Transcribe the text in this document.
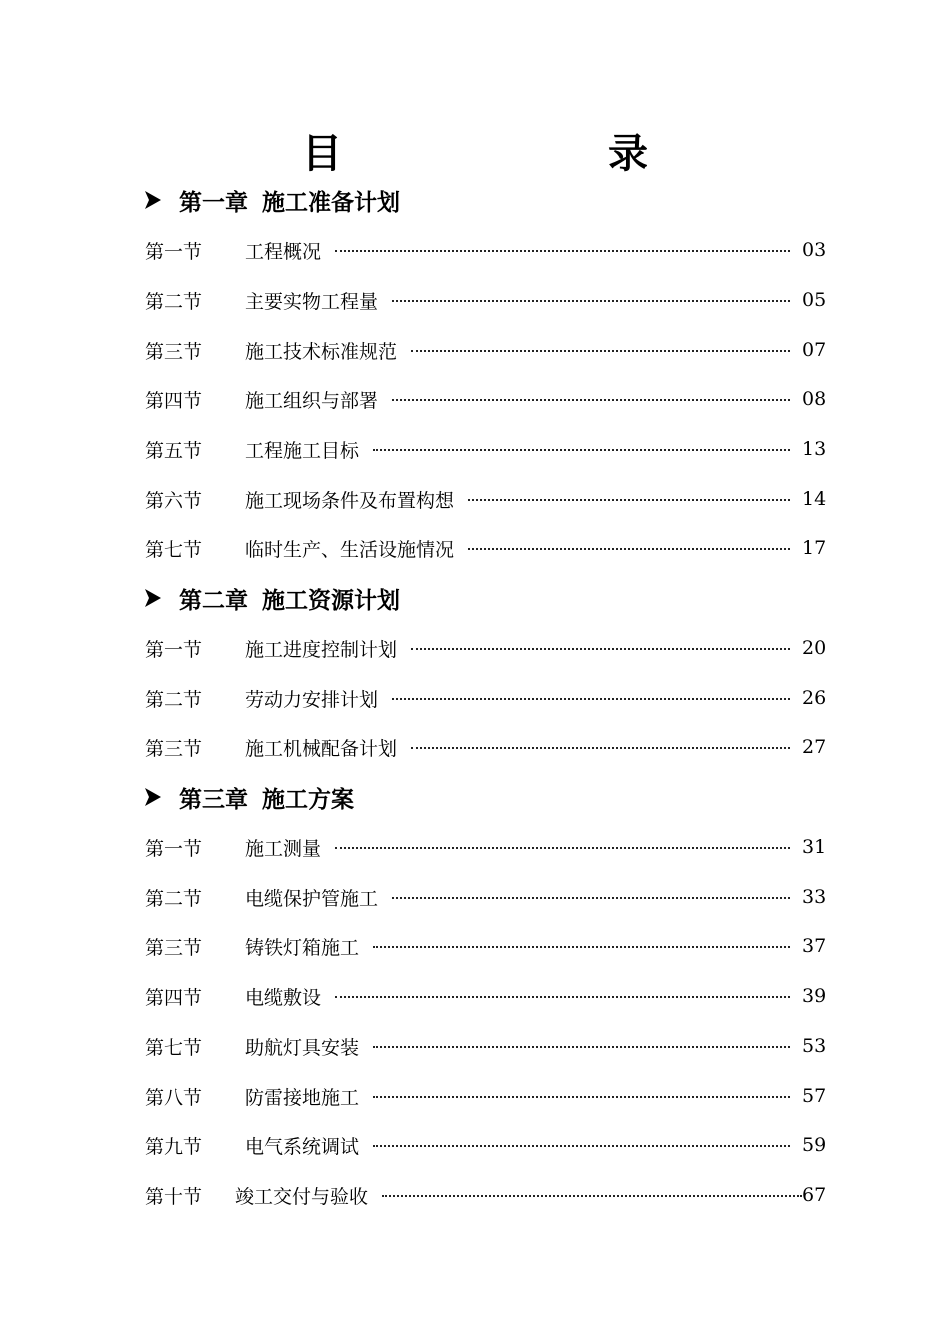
目　　录
第一章 施工准备计划
第一节	工程概况	03
第二节	主要实物工程量	05
第三节	施工技术标准规范	07
第四节	施工组织与部署	08
第五节	工程施工目标	13
第六节	施工现场条件及布置构想	14
第七节	临时生产、生活设施情况	17
第二章 施工资源计划
第一节	施工进度控制计划	20
第二节	劳动力安排计划	26
第三节	施工机械配备计划	27
第三章 施工方案
第一节	施工测量	31
第二节	电缆保护管施工	33
第三节	铸铁灯箱施工	37
第四节	电缆敷设	39
第七节	助航灯具安装	53
第八节	防雷接地施工	57
第九节	电气系统调试	59
第十节	竣工交付与验收	67
